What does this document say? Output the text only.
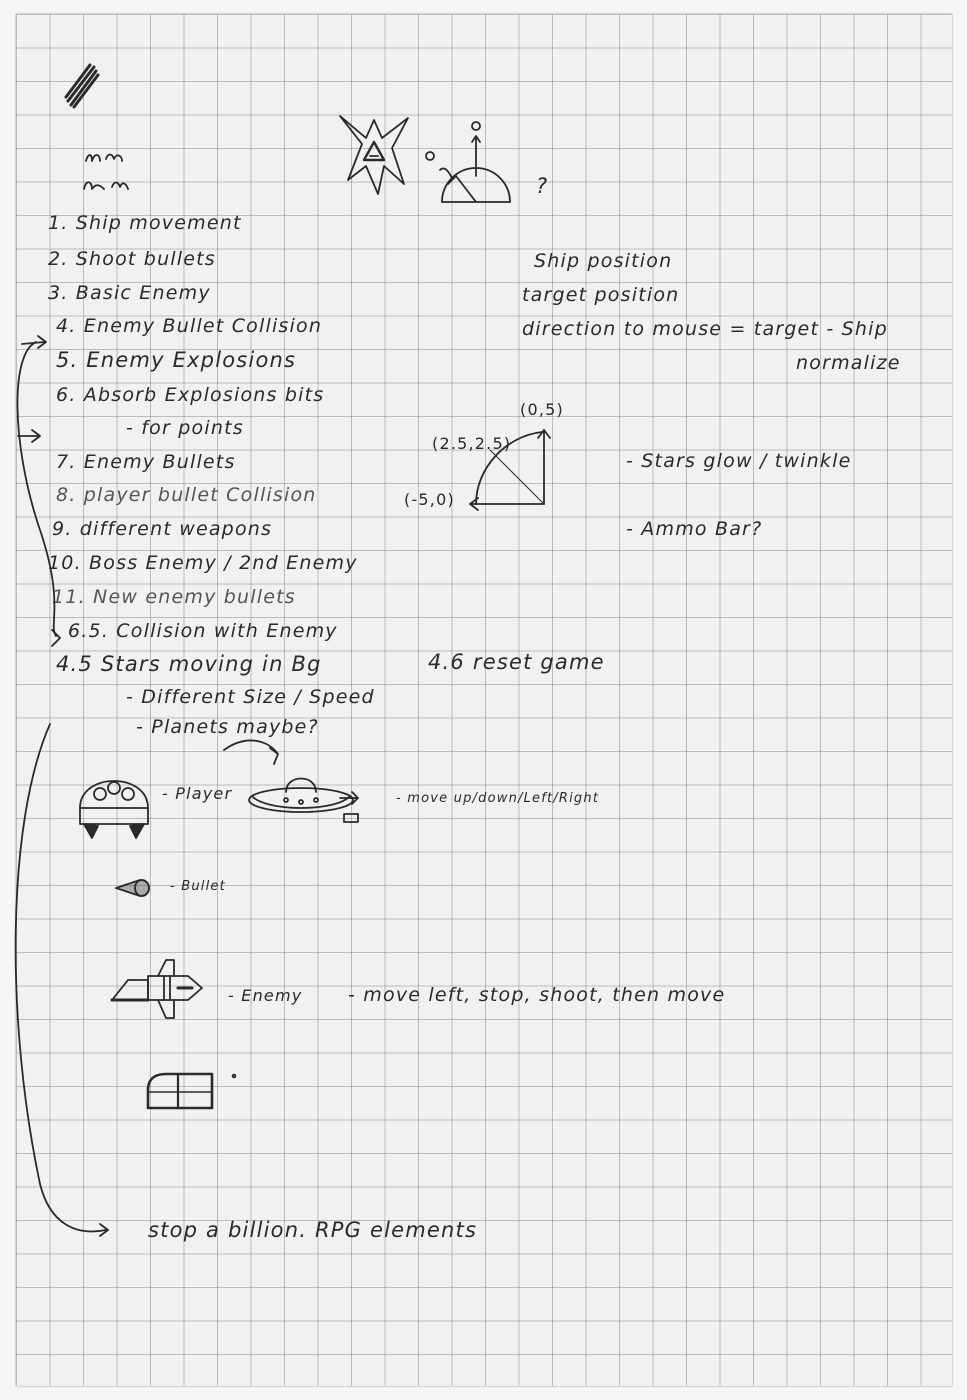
?
1. Ship movement
2. Shoot bullets
3. Basic Enemy
4. Enemy Bullet Collision
5. Enemy Explosions
6. Absorb Explosions bits
- for points
7. Enemy Bullets
8. player bullet Collision
9. different weapons
10. Boss Enemy / 2nd Enemy
11. New enemy bullets
6.5. Collision with Enemy
4.5 Stars moving in Bg	4.6 reset game
- Different Size / Speed
- Planets maybe?
Ship position
target position
direction to mouse = target - Ship
normalize
(0,5)
(2.5,2.5)
(-5,0)
- Stars glow / twinkle
- Ammo Bar?
- Player	- move up/down/Left/Right
- Bullet
- Enemy - move left, stop, shoot, then move
stop a billion. RPG elements
